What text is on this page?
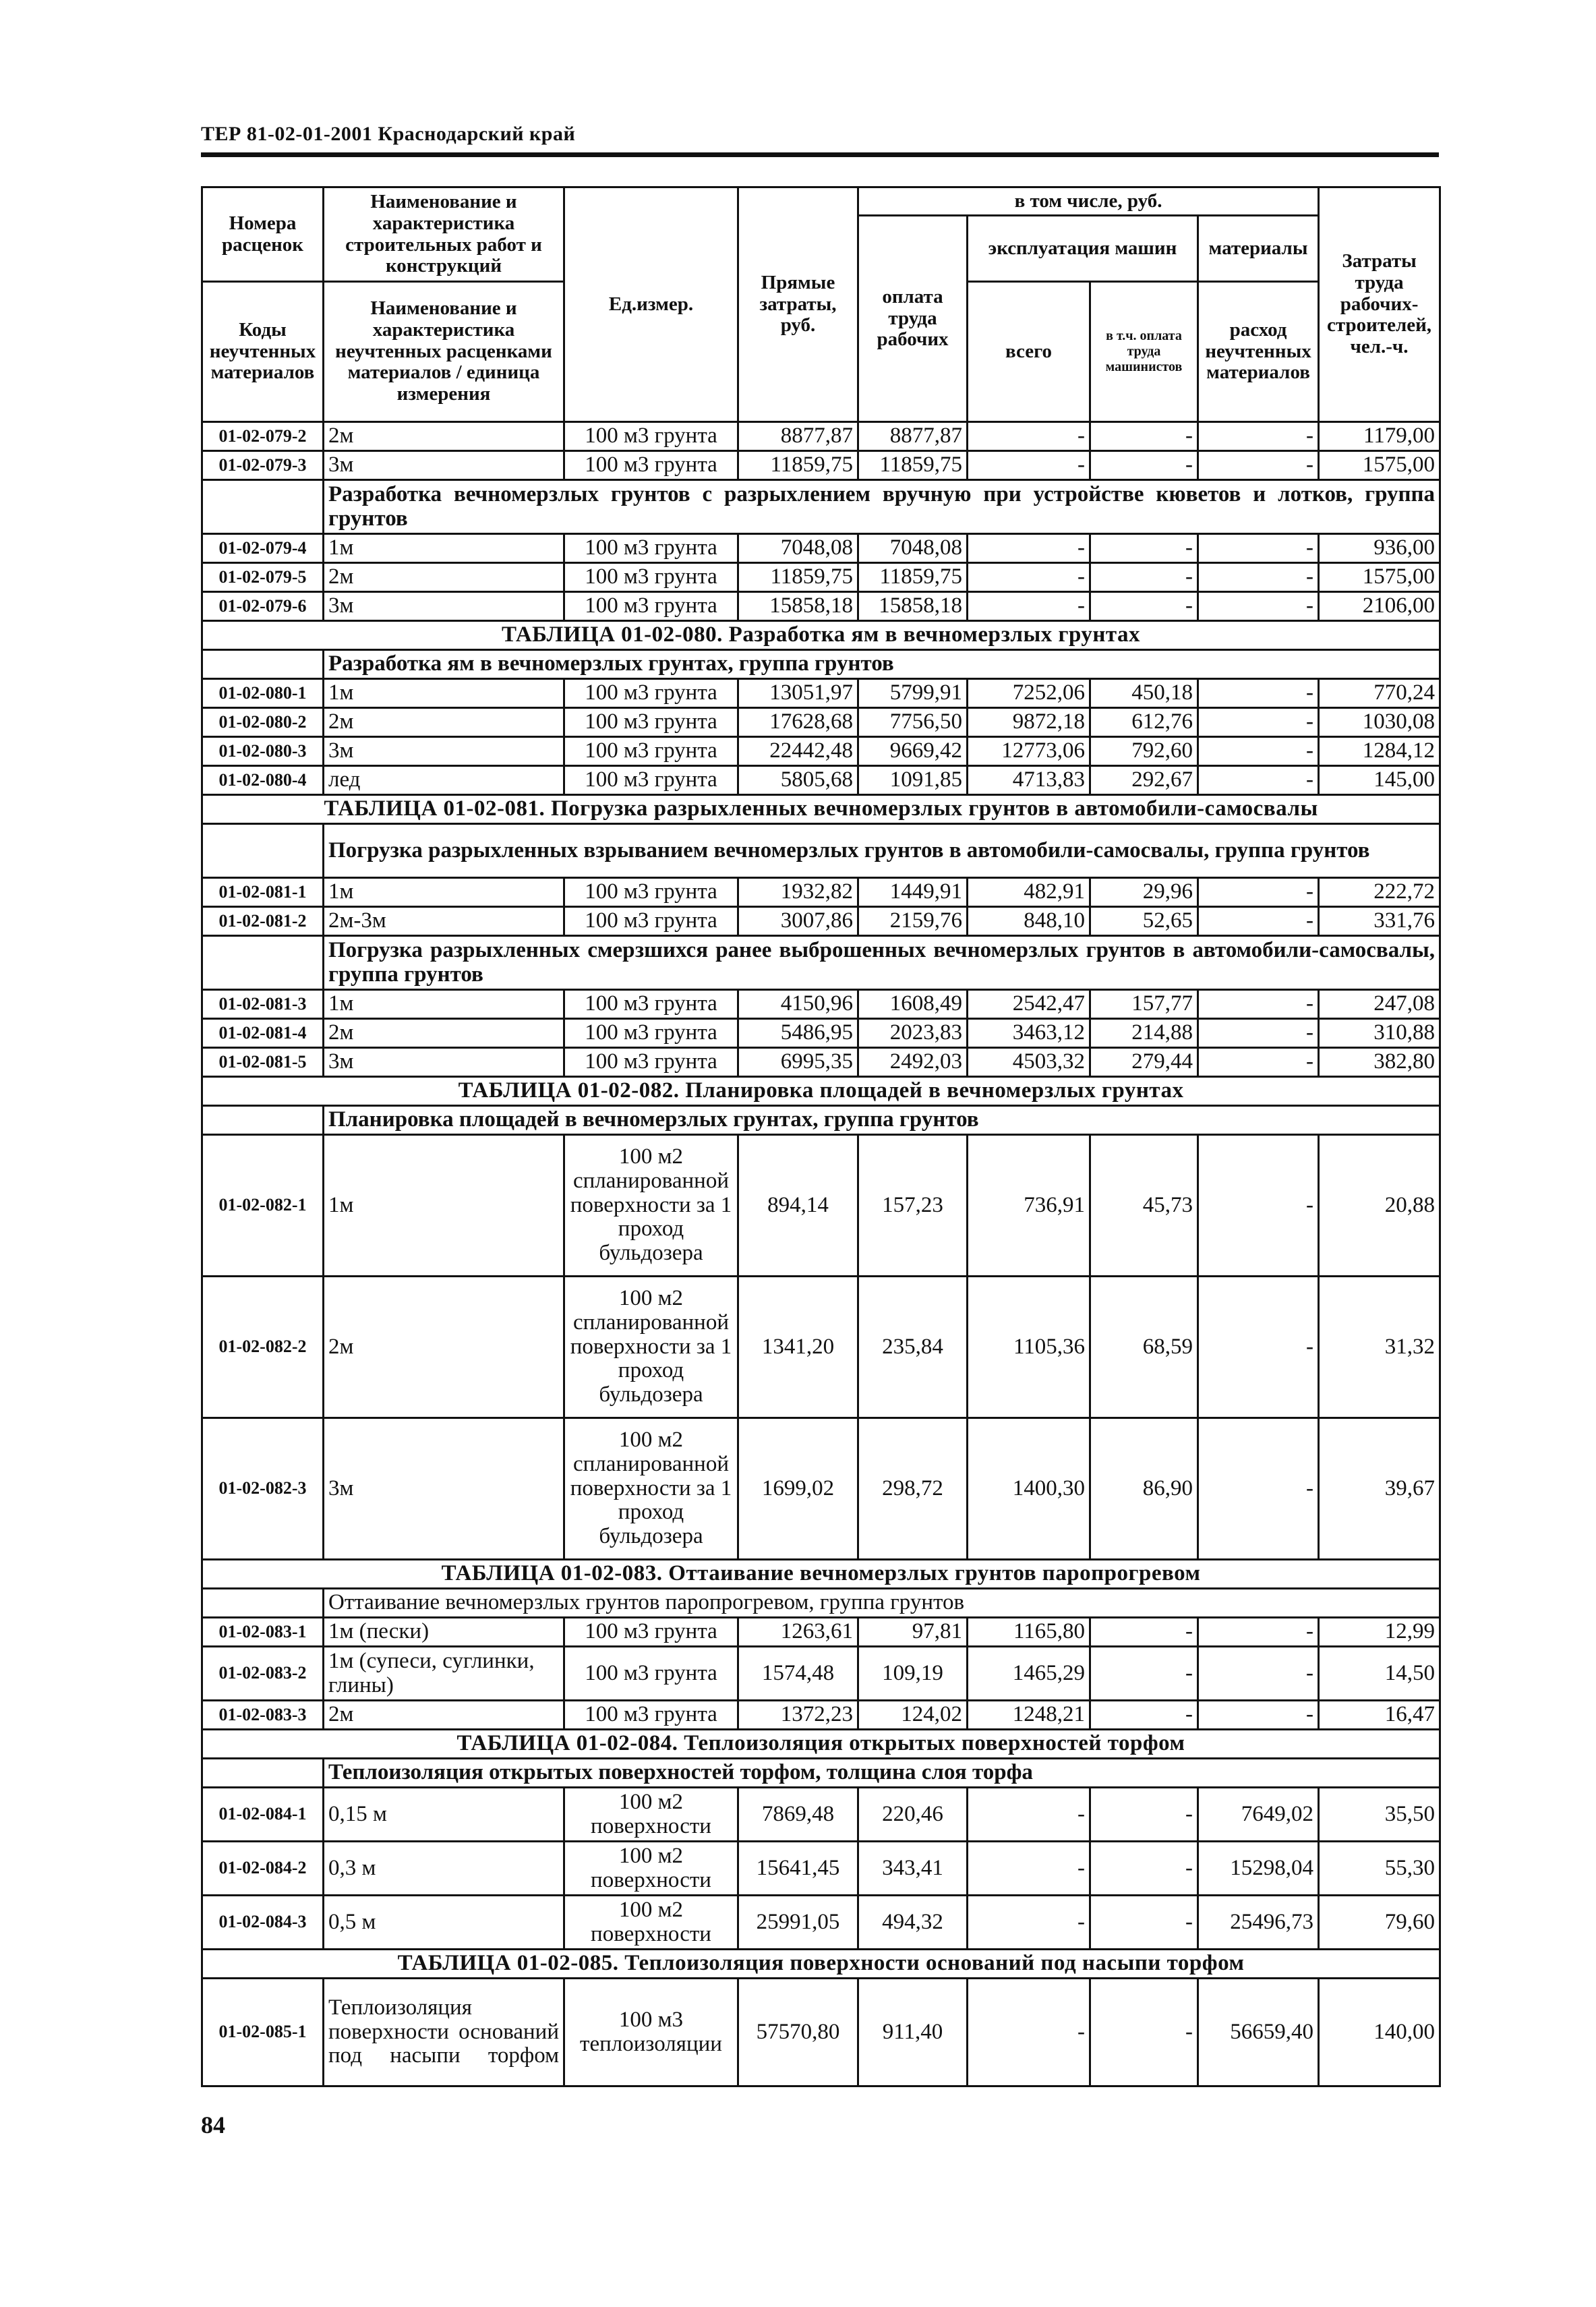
ТЕР 81-02-01-2001 Краснодарский край
Номера расценок	Наименование и характеристика строительных работ и конструкций	Ед.измер.	Прямые затраты, руб.	в том числе, руб.				Затраты труда рабочих-строителей, чел.-ч.
				оплата труда рабочих	эксплуатация машин		материалы	
Коды неучтенных материалов	Наименование и характеристика неучтенных расценками материалов / единица измерения				всего	в т.ч. оплата труда машинистов	расход неучтенных материалов	

01-02-079-2	2м	100 м3 грунта	8877,87	8877,87	-	-	-	1179,00
01-02-079-3	3м	100 м3 грунта	11859,75	11859,75	-	-	-	1575,00
	Разработка вечномерзлых грунтов с разрыхлением вручную при устройстве кюветов и лотков, группа грунтов							
01-02-079-4	1м	100 м3 грунта	7048,08	7048,08	-	-	-	936,00
01-02-079-5	2м	100 м3 грунта	11859,75	11859,75	-	-	-	1575,00
01-02-079-6	3м	100 м3 грунта	15858,18	15858,18	-	-	-	2106,00
ТАБЛИЦА 01-02-080. Разработка ям в вечномерзлых грунтах								
	Разработка ям в вечномерзлых грунтах, группа грунтов							
01-02-080-1	1м	100 м3 грунта	13051,97	5799,91	7252,06	450,18	-	770,24
01-02-080-2	2м	100 м3 грунта	17628,68	7756,50	9872,18	612,76	-	1030,08
01-02-080-3	3м	100 м3 грунта	22442,48	9669,42	12773,06	792,60	-	1284,12
01-02-080-4	лед	100 м3 грунта	5805,68	1091,85	4713,83	292,67	-	145,00
ТАБЛИЦА 01-02-081. Погрузка разрыхленных вечномерзлых грунтов в автомобили-самосвалы								
	Погрузка разрыхленных взрыванием вечномерзлых грунтов в автомобили-самосвалы, группа грунтов							
01-02-081-1	1м	100 м3 грунта	1932,82	1449,91	482,91	29,96	-	222,72
01-02-081-2	2м-3м	100 м3 грунта	3007,86	2159,76	848,10	52,65	-	331,76
	Погрузка разрыхленных смерзшихся ранее выброшенных вечномерзлых грунтов в автомобили-самосвалы, группа грунтов							
01-02-081-3	1м	100 м3 грунта	4150,96	1608,49	2542,47	157,77	-	247,08
01-02-081-4	2м	100 м3 грунта	5486,95	2023,83	3463,12	214,88	-	310,88
01-02-081-5	3м	100 м3 грунта	6995,35	2492,03	4503,32	279,44	-	382,80
ТАБЛИЦА 01-02-082. Планировка площадей в вечномерзлых грунтах								
	Планировка площадей в вечномерзлых грунтах, группа грунтов							
01-02-082-1	1м	100 м2 спланированной поверхности за 1 проход бульдозера	894,14	157,23	736,91	45,73	-	20,88
01-02-082-2	2м	100 м2 спланированной поверхности за 1 проход бульдозера	1341,20	235,84	1105,36	68,59	-	31,32
01-02-082-3	3м	100 м2 спланированной поверхности за 1 проход бульдозера	1699,02	298,72	1400,30	86,90	-	39,67
ТАБЛИЦА 01-02-083. Оттаивание вечномерзлых грунтов паропрогревом								
	Оттаивание вечномерзлых грунтов паропрогревом, группа грунтов							
01-02-083-1	1м (пески)	100 м3 грунта	1263,61	97,81	1165,80	-	-	12,99
01-02-083-2	1м (супеси, суглинки, глины)	100 м3 грунта	1574,48	109,19	1465,29	-	-	14,50
01-02-083-3	2м	100 м3 грунта	1372,23	124,02	1248,21	-	-	16,47
ТАБЛИЦА 01-02-084. Теплоизоляция открытых поверхностей торфом								
	Теплоизоляция открытых поверхностей торфом, толщина слоя торфа							
01-02-084-1	0,15 м	100 м2 поверхности	7869,48	220,46	-	-	7649,02	35,50
01-02-084-2	0,3 м	100 м2 поверхности	15641,45	343,41	-	-	15298,04	55,30
01-02-084-3	0,5 м	100 м2 поверхности	25991,05	494,32	-	-	25496,73	79,60
ТАБЛИЦА 01-02-085. Теплоизоляция поверхности оснований под насыпи торфом								
01-02-085-1	Теплоизоляция поверхности оснований под насыпи торфом	100 м3 теплоизоляции	57570,80	911,40	-	-	56659,40	140,00
84
